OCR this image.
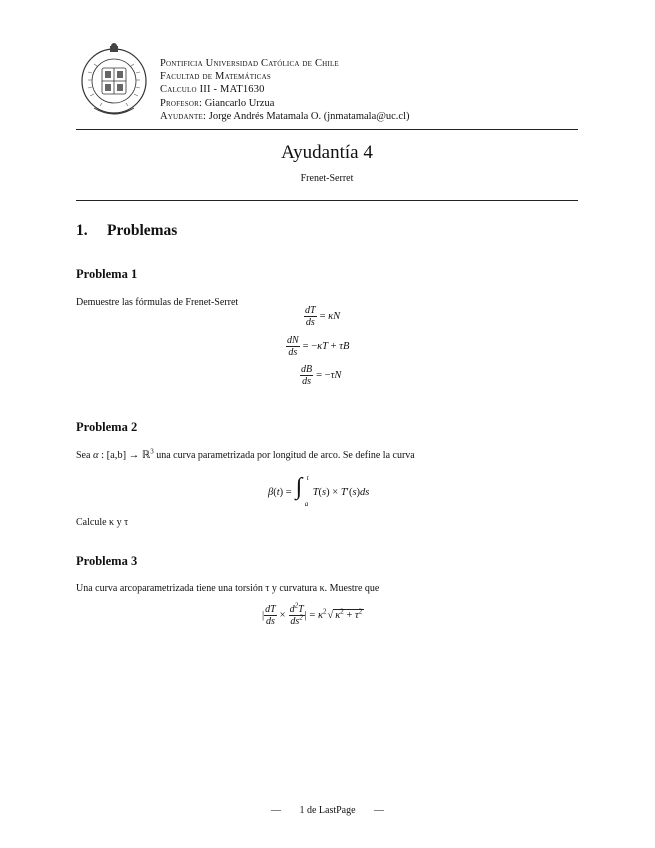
Pontificia Universidad Católica de Chile
Facultad de Matemáticas
Calculo III - MAT1630
Profesor: Giancarlo Urzua
Ayudante: Jorge Andrés Matamala O. (jnmatamala@uc.cl)
Ayudantía 4
Frenet-Serret
1. Problemas
Problema 1
Demuestre las fórmulas de Frenet-Serret
$\frac{dT}{ds} = \kappa N$
$\frac{dN}{ds} = -\kappa T + \tau B$
$\frac{dB}{ds} = -\tau N$
Problema 2
Sea α : [a,b] → ℝ$^3$ una curva parametrizada por longitud de arco. Se define la curva
β(t) = ∫ t
a
T(s) × T′(s)ds
Calcule κ y τ
Problema 3
Una curva arcoparametrizada tiene una torsión τ y curvatura κ. Muestre que
| $\frac{dT}{ds} \times \frac{d^2T}{ds^2}$ | = $\kappa^2$ √ $\kappa^2 + \tau^2$
— 1 de LastPage —
